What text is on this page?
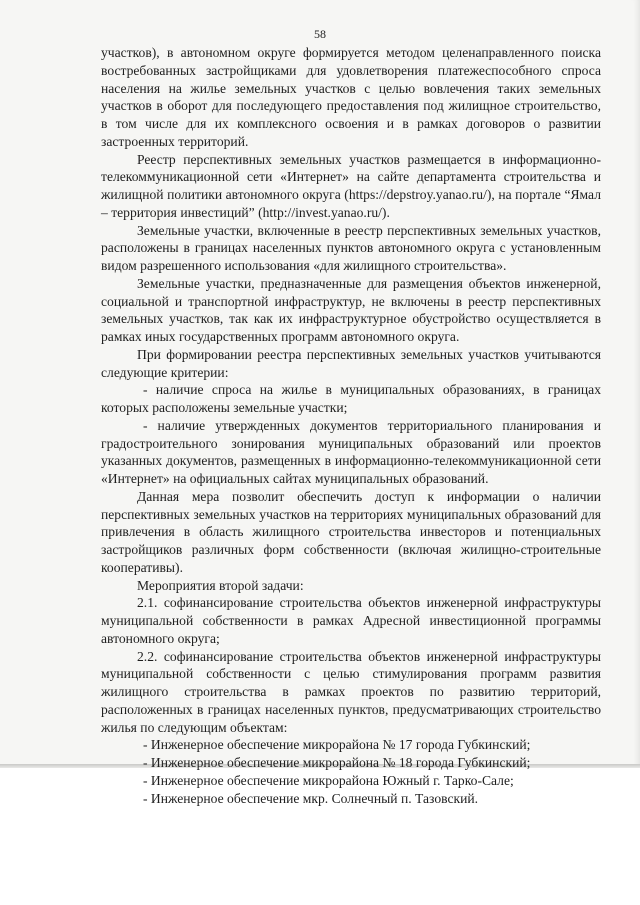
58

участков), в автономном округе формируется методом целенаправленного поиска востребованных застройщиками для удовлетворения платежеспособного спроса населения на жилье земельных участков с целью вовлечения таких земельных участков в оборот для последующего предоставления под жилищное строительство, в том числе для их комплексного освоения и в рамках договоров о развитии застроенных территорий.

Реестр перспективных земельных участков размещается в информационно-телекоммуникационной сети «Интернет» на сайте департамента строительства и жилищной политики автономного округа (https://depstroy.yanao.ru/), на портале “Ямал – территория инвестиций” (http://invest.yanao.ru/).

Земельные участки, включенные в реестр перспективных земельных участков, расположены в границах населенных пунктов автономного округа с установленным видом разрешенного использования «для жилищного строительства».

Земельные участки, предназначенные для размещения объектов инженерной, социальной и транспортной инфраструктур, не включены в реестр перспективных земельных участков, так как их инфраструктурное обустройство осуществляется в рамках иных государственных программ автономного округа.

При формировании реестра перспективных земельных участков учитываются следующие критерии:

- наличие спроса на жилье в муниципальных образованиях, в границах которых расположены земельные участки;

- наличие утвержденных документов территориального планирования и градостроительного зонирования муниципальных образований или проектов указанных документов, размещенных в информационно-телекоммуникационной сети «Интернет» на официальных сайтах муниципальных образований.

Данная мера позволит обеспечить доступ к информации о наличии перспективных земельных участков на территориях муниципальных образований для привлечения в область жилищного строительства инвесторов и потенциальных застройщиков различных форм собственности (включая жилищно-строительные кооперативы).

Мероприятия второй задачи:

2.1. софинансирование строительства объектов инженерной инфраструктуры муниципальной собственности в рамках Адресной инвестиционной программы автономного округа;

2.2. софинансирование строительства объектов инженерной инфраструктуры муниципальной собственности с целью стимулирования программ развития жилищного строительства в рамках проектов по развитию территорий, расположенных в границах населенных пунктов, предусматривающих строительство жилья по следующим объектам:

- Инженерное обеспечение микрорайона № 17 города Губкинский;
- Инженерное обеспечение микрорайона № 18 города Губкинский;
- Инженерное обеспечение микрорайона Южный г. Тарко-Сале;
- Инженерное обеспечение мкр. Солнечный п. Тазовский.
